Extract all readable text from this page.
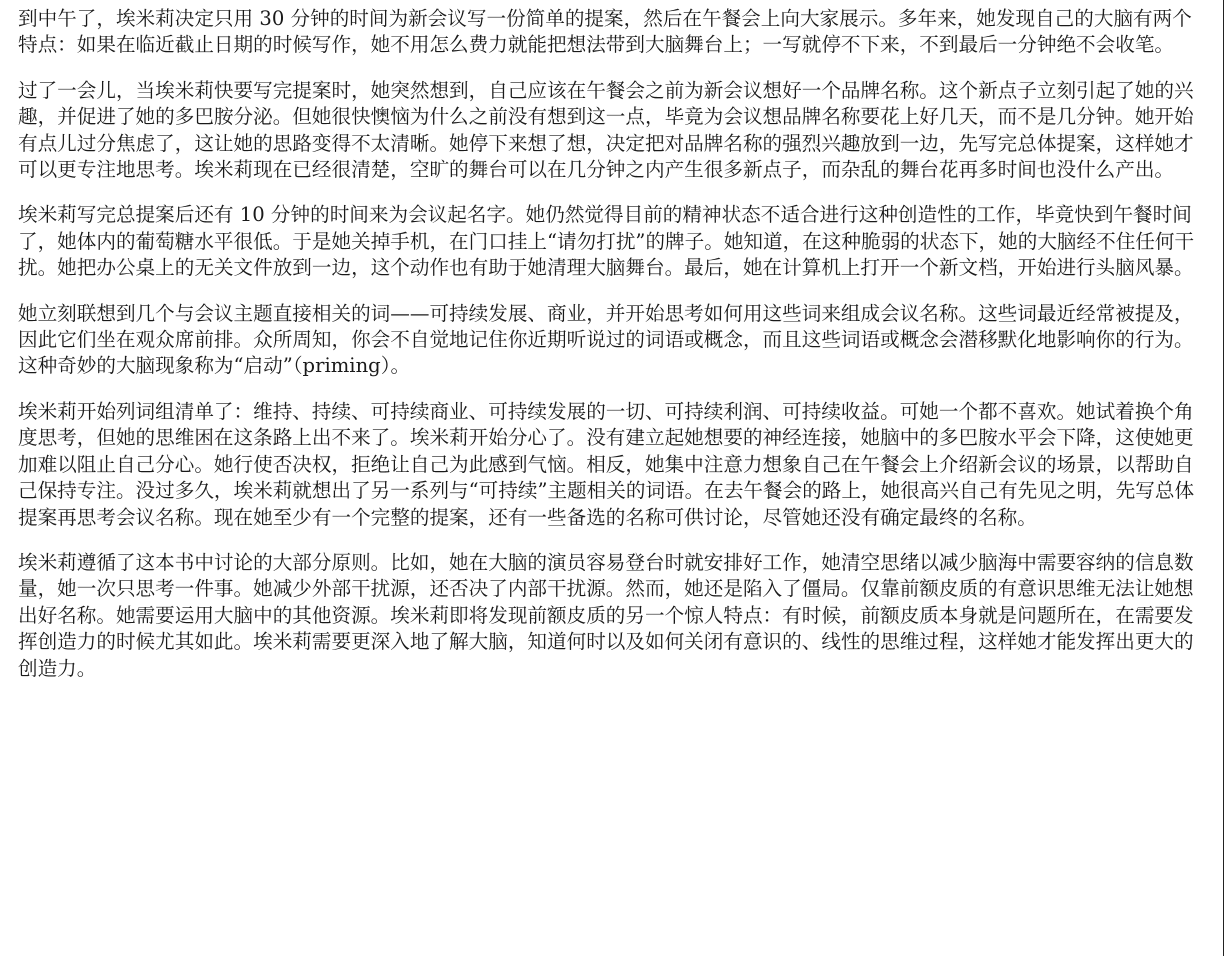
到中午了，埃米莉决定只用 30 分钟的时间为新会议写一份简单的提案，然后在午餐会上向大家展示。多年来，她发现自己的大脑有两个特点：如果在临近截止日期的时候写作，她不用怎么费力就能把想法带到大脑舞台上；一写就停不下来，不到最后一分钟绝不会收笔。

过了一会儿，当埃米莉快要写完提案时，她突然想到，自己应该在午餐会之前为新会议想好一个品牌名称。这个新点子立刻引起了她的兴趣，并促进了她的多巴胺分泌。但她很快懊恼为什么之前没有想到这一点，毕竟为会议想品牌名称要花上好几天，而不是几分钟。她开始有点儿过分焦虑了，这让她的思路变得不太清晰。她停下来想了想，决定把对品牌名称的强烈兴趣放到一边，先写完总体提案，这样她才可以更专注地思考。埃米莉现在已经很清楚，空旷的舞台可以在几分钟之内产生很多新点子，而杂乱的舞台花再多时间也没什么产出。

埃米莉写完总提案后还有 10 分钟的时间来为会议起名字。她仍然觉得目前的精神状态不适合进行这种创造性的工作，毕竟快到午餐时间了，她体内的葡萄糖水平很低。于是她关掉手机，在门口挂上“请勿打扰”的牌子。她知道，在这种脆弱的状态下，她的大脑经不住任何干扰。她把办公桌上的无关文件放到一边，这个动作也有助于她清理大脑舞台。最后，她在计算机上打开一个新文档，开始进行头脑风暴。

她立刻联想到几个与会议主题直接相关的词——可持续发展、商业，并开始思考如何用这些词来组成会议名称。这些词最近经常被提及，因此它们坐在观众席前排。众所周知，你会不自觉地记住你近期听说过的词语或概念，而且这些词语或概念会潜移默化地影响你的行为。这种奇妙的大脑现象称为“启动”（priming）。

埃米莉开始列词组清单了：维持、持续、可持续商业、可持续发展的一切、可持续利润、可持续收益。可她一个都不喜欢。她试着换个角度思考，但她的思维困在这条路上出不来了。埃米莉开始分心了。没有建立起她想要的神经连接，她脑中的多巴胺水平会下降，这使她更加难以阻止自己分心。她行使否决权，拒绝让自己为此感到气恼。相反，她集中注意力想象自己在午餐会上介绍新会议的场景，以帮助自己保持专注。没过多久，埃米莉就想出了另一系列与“可持续”主题相关的词语。在去午餐会的路上，她很高兴自己有先见之明，先写总体提案再思考会议名称。现在她至少有一个完整的提案，还有一些备选的名称可供讨论，尽管她还没有确定最终的名称。

埃米莉遵循了这本书中讨论的大部分原则。比如，她在大脑的演员容易登台时就安排好工作，她清空思绪以减少脑海中需要容纳的信息数量，她一次只思考一件事。她减少外部干扰源，还否决了内部干扰源。然而，她还是陷入了僵局。仅靠前额皮质的有意识思维无法让她想出好名称。她需要运用大脑中的其他资源。埃米莉即将发现前额皮质的另一个惊人特点：有时候，前额皮质本身就是问题所在，在需要发挥创造力的时候尤其如此。埃米莉需要更深入地了解大脑，知道何时以及如何关闭有意识的、线性的思维过程，这样她才能发挥出更大的创造力。
